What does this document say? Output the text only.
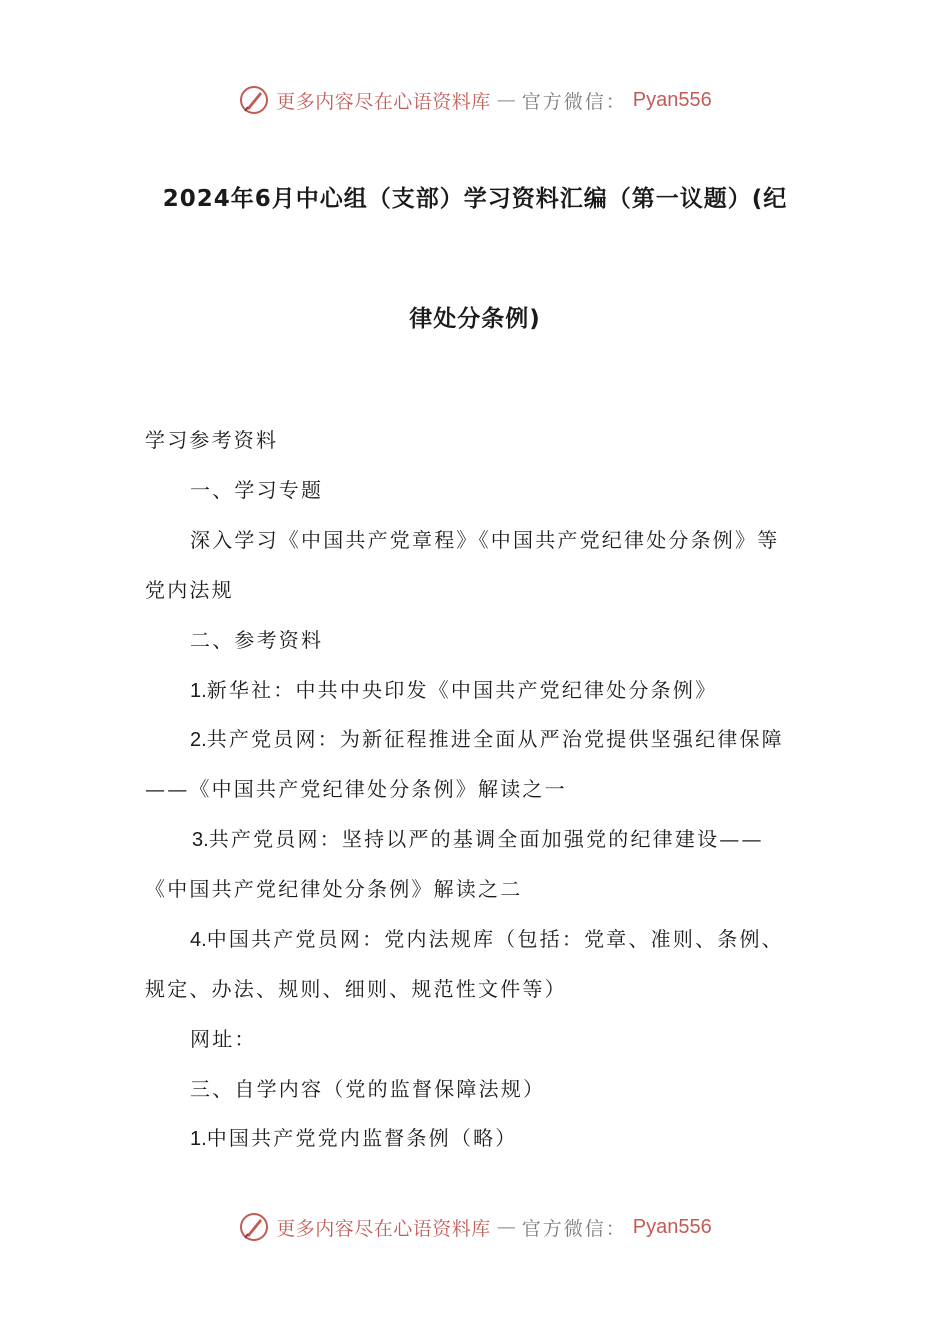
更多内容尽在心语资料库 — 官方微信： Pyan556
2024年6月中心组（支部）学习资料汇编（第一议题）(纪
律处分条例)

学习参考资料

一、学习专题

深入学习《中国共产党章程》《中国共产党纪律处分条例》等

党内法规

二、参考资料

1.新华社：中共中央印发《中国共产党纪律处分条例》

2.共产党员网：为新征程推进全面从严治党提供坚强纪律保障

——《中国共产党纪律处分条例》解读之一

3.共产党员网：坚持以严的基调全面加强党的纪律建设——

《中国共产党纪律处分条例》解读之二

4.中国共产党员网：党内法规库（包括：党章、准则、条例、

规定、办法、规则、细则、规范性文件等）

网址：

三、自学内容（党的监督保障法规）

1.中国共产党党内监督条例（略）

更多内容尽在心语资料库 — 官方微信： Pyan556
